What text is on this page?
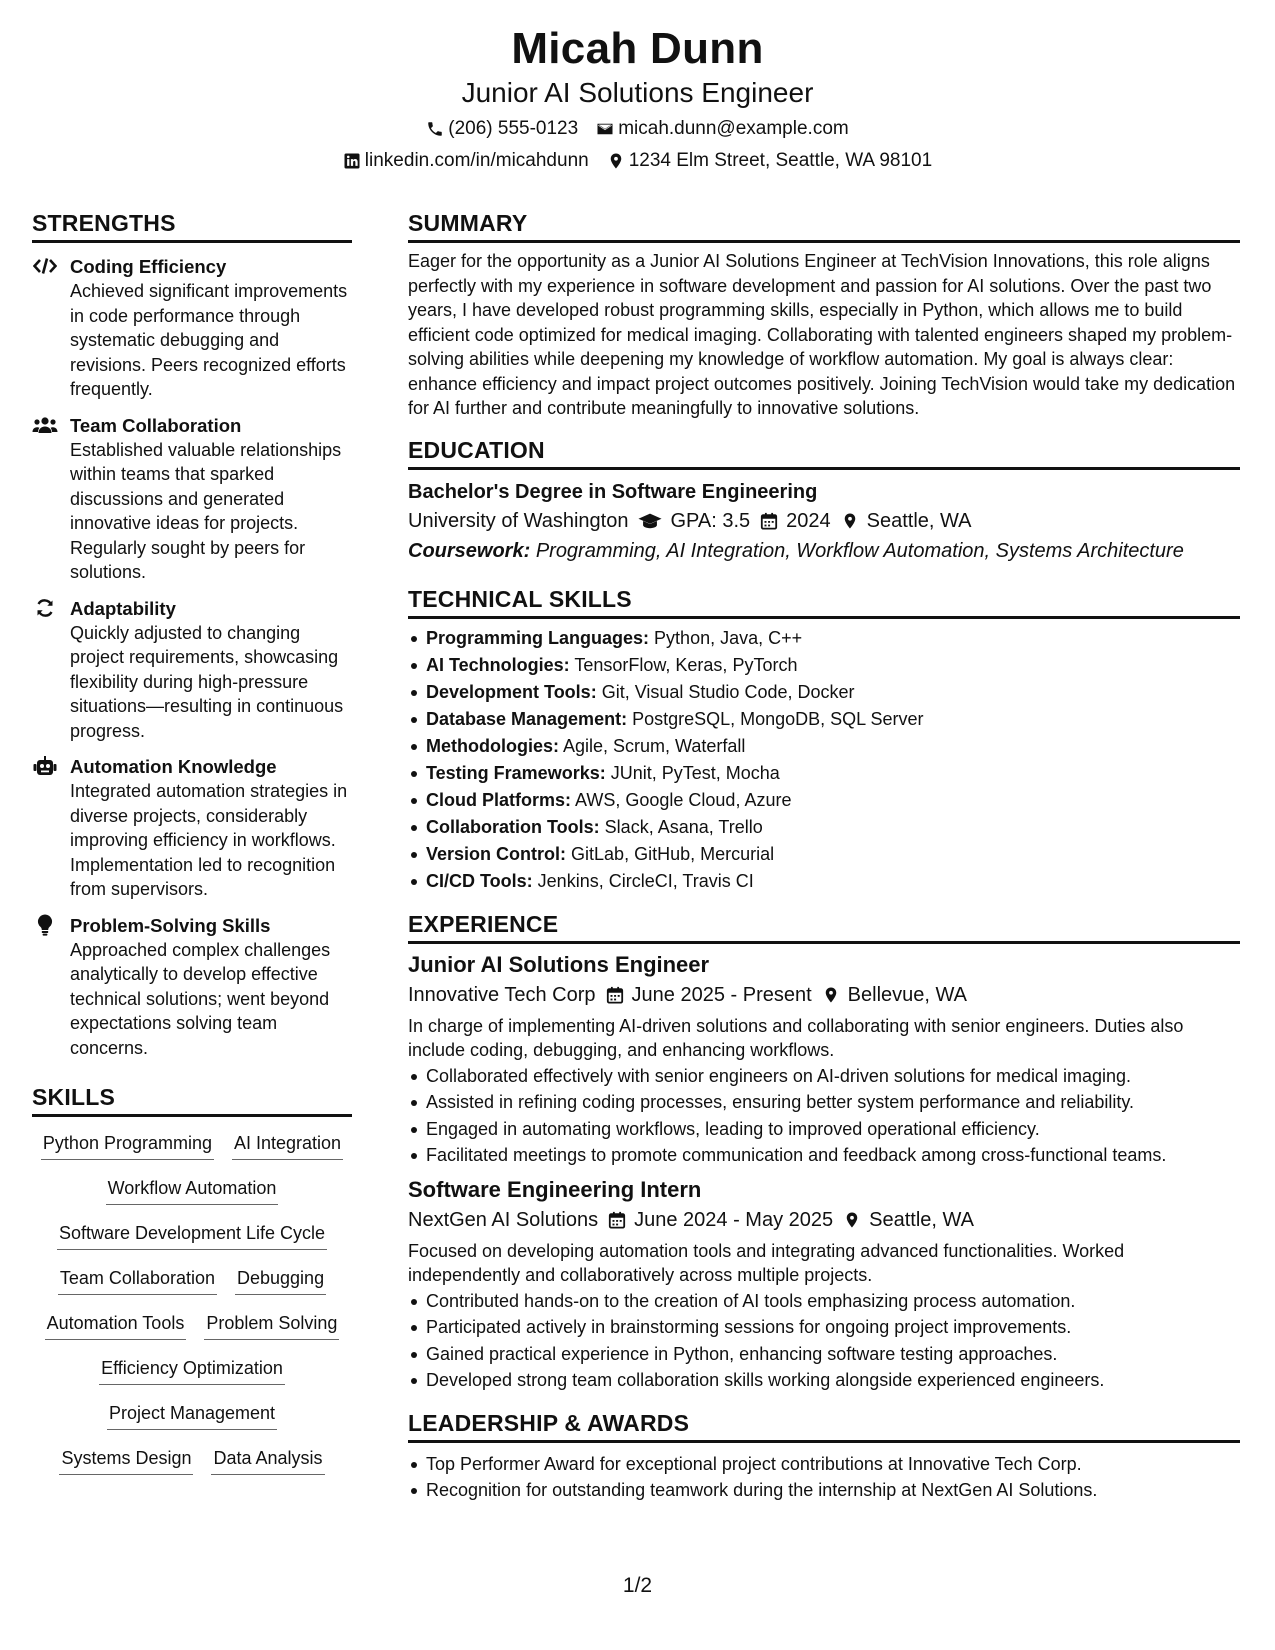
Micah Dunn
Junior AI Solutions Engineer
(206) 555-0123 micah.dunn@example.com
linkedin.com/in/micahdunn 1234 Elm Street, Seattle, WA 98101
STRENGTHS
Coding Efficiency
Achieved significant improvements in code performance through systematic debugging and revisions. Peers recognized efforts frequently.
Team Collaboration
Established valuable relationships within teams that sparked discussions and generated innovative ideas for projects. Regularly sought by peers for solutions.
Adaptability
Quickly adjusted to changing project requirements, showcasing flexibility during high-pressure situations—resulting in continuous progress.
Automation Knowledge
Integrated automation strategies in diverse projects, considerably improving efficiency in workflows. Implementation led to recognition from supervisors.
Problem-Solving Skills
Approached complex challenges analytically to develop effective technical solutions; went beyond expectations solving team concerns.
SKILLS
Python Programming AI Integration
Workflow Automation
Software Development Life Cycle
Team Collaboration Debugging
Automation Tools Problem Solving
Efficiency Optimization
Project Management
Systems Design Data Analysis
SUMMARY
Eager for the opportunity as a Junior AI Solutions Engineer at TechVision Innovations, this role aligns perfectly with my experience in software development and passion for AI solutions. Over the past two years, I have developed robust programming skills, especially in Python, which allows me to build efficient code optimized for medical imaging. Collaborating with talented engineers shaped my problem-solving abilities while deepening my knowledge of workflow automation. My goal is always clear: enhance efficiency and impact project outcomes positively. Joining TechVision would take my dedication for AI further and contribute meaningfully to innovative solutions.
EDUCATION
Bachelor's Degree in Software Engineering
University of Washington GPA: 3.5 2024 Seattle, WA
Coursework: Programming, AI Integration, Workflow Automation, Systems Architecture
TECHNICAL SKILLS
Programming Languages: Python, Java, C++
AI Technologies: TensorFlow, Keras, PyTorch
Development Tools: Git, Visual Studio Code, Docker
Database Management: PostgreSQL, MongoDB, SQL Server
Methodologies: Agile, Scrum, Waterfall
Testing Frameworks: JUnit, PyTest, Mocha
Cloud Platforms: AWS, Google Cloud, Azure
Collaboration Tools: Slack, Asana, Trello
Version Control: GitLab, GitHub, Mercurial
CI/CD Tools: Jenkins, CircleCI, Travis CI
EXPERIENCE
Junior AI Solutions Engineer
Innovative Tech Corp June 2025 - Present Bellevue, WA
In charge of implementing AI-driven solutions and collaborating with senior engineers. Duties also include coding, debugging, and enhancing workflows.
Collaborated effectively with senior engineers on AI-driven solutions for medical imaging.
Assisted in refining coding processes, ensuring better system performance and reliability.
Engaged in automating workflows, leading to improved operational efficiency.
Facilitated meetings to promote communication and feedback among cross-functional teams.
Software Engineering Intern
NextGen AI Solutions June 2024 - May 2025 Seattle, WA
Focused on developing automation tools and integrating advanced functionalities. Worked independently and collaboratively across multiple projects.
Contributed hands-on to the creation of AI tools emphasizing process automation.
Participated actively in brainstorming sessions for ongoing project improvements.
Gained practical experience in Python, enhancing software testing approaches.
Developed strong team collaboration skills working alongside experienced engineers.
LEADERSHIP & AWARDS
Top Performer Award for exceptional project contributions at Innovative Tech Corp.
Recognition for outstanding teamwork during the internship at NextGen AI Solutions.
1/2
